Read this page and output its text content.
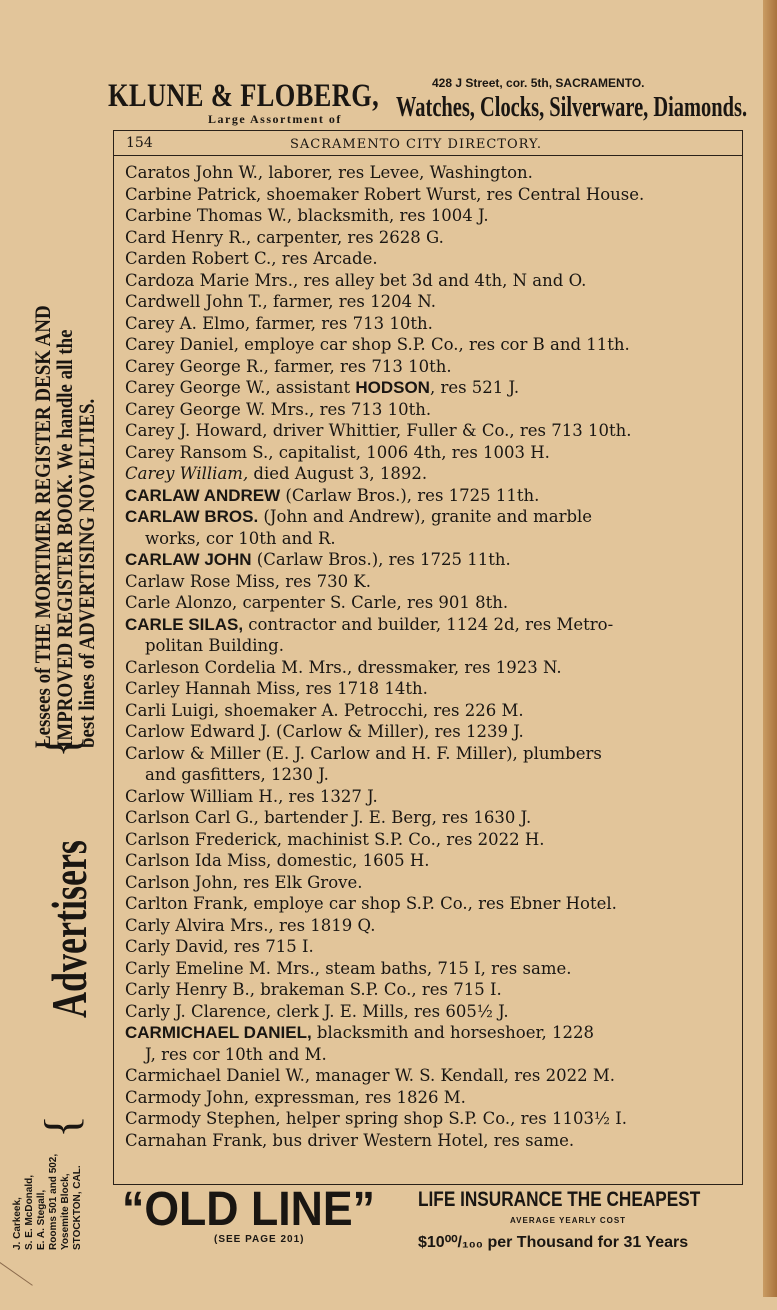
KLUNE & FLOBERG,
Large Assortment of
428 J Street, cor. 5th, SACRAMENTO.
Watches, Clocks, Silverware, Diamonds.
Advertisers
{
{
Lessees of THE MORTIMER REGISTER DESK AND
IMPROVED REGISTER BOOK. We handle all the
best lines of ADVERTISING NOVELTIES.
J. Carkeek, S. E. McDonald, E. A. Stegall, Rooms 501 and 502, Yosemite Block, STOCKTON, CAL.
154	SACRAMENTO CITY DIRECTORY.
Caratos John W., laborer, res Levee, Washington.
Carbine Patrick, shoemaker Robert Wurst, res Central House.
Carbine Thomas W., blacksmith, res 1004 J.
Card Henry R., carpenter, res 2628 G.
Carden Robert C., res Arcade.
Cardoza Marie Mrs., res alley bet 3d and 4th, N and O.
Cardwell John T., farmer, res 1204 N.
Carey A. Elmo, farmer, res 713 10th.
Carey Daniel, employe car shop S.P. Co., res cor B and 11th.
Carey George R., farmer, res 713 10th.
Carey George W., assistant HODSON, res 521 J.
Carey George W. Mrs., res 713 10th.
Carey J. Howard, driver Whittier, Fuller & Co., res 713 10th.
Carey Ransom S., capitalist, 1006 4th, res 1003 H.
Carey William, died August 3, 1892.
CARLAW ANDREW (Carlaw Bros.), res 1725 11th.
CARLAW BROS. (John and Andrew), granite and marble
works, cor 10th and R.
CARLAW JOHN (Carlaw Bros.), res 1725 11th.
Carlaw Rose Miss, res 730 K.
Carle Alonzo, carpenter S. Carle, res 901 8th.
CARLE SILAS, contractor and builder, 1124 2d, res Metro-
politan Building.
Carleson Cordelia M. Mrs., dressmaker, res 1923 N.
Carley Hannah Miss, res 1718 14th.
Carli Luigi, shoemaker A. Petrocchi, res 226 M.
Carlow Edward J. (Carlow & Miller), res 1239 J.
Carlow & Miller (E. J. Carlow and H. F. Miller), plumbers
and gasfitters, 1230 J.
Carlow William H., res 1327 J.
Carlson Carl G., bartender J. E. Berg, res 1630 J.
Carlson Frederick, machinist S.P. Co., res 2022 H.
Carlson Ida Miss, domestic, 1605 H.
Carlson John, res Elk Grove.
Carlton Frank, employe car shop S.P. Co., res Ebner Hotel.
Carly Alvira Mrs., res 1819 Q.
Carly David, res 715 I.
Carly Emeline M. Mrs., steam baths, 715 I, res same.
Carly Henry B., brakeman S.P. Co., res 715 I.
Carly J. Clarence, clerk J. E. Mills, res 605½ J.
CARMICHAEL DANIEL, blacksmith and horseshoer, 1228
J, res cor 10th and M.
Carmichael Daniel W., manager W. S. Kendall, res 2022 M.
Carmody John, expressman, res 1826 M.
Carmody Stephen, helper spring shop S.P. Co., res 1103½ I.
Carnahan Frank, bus driver Western Hotel, res same.
“OLD LINE” LIFE INSURANCE THE CHEAPEST
AVERAGE YEARLY COST
(SEE PAGE 201)	$10⁰⁰/₁₀₀ per Thousand for 31 Years
